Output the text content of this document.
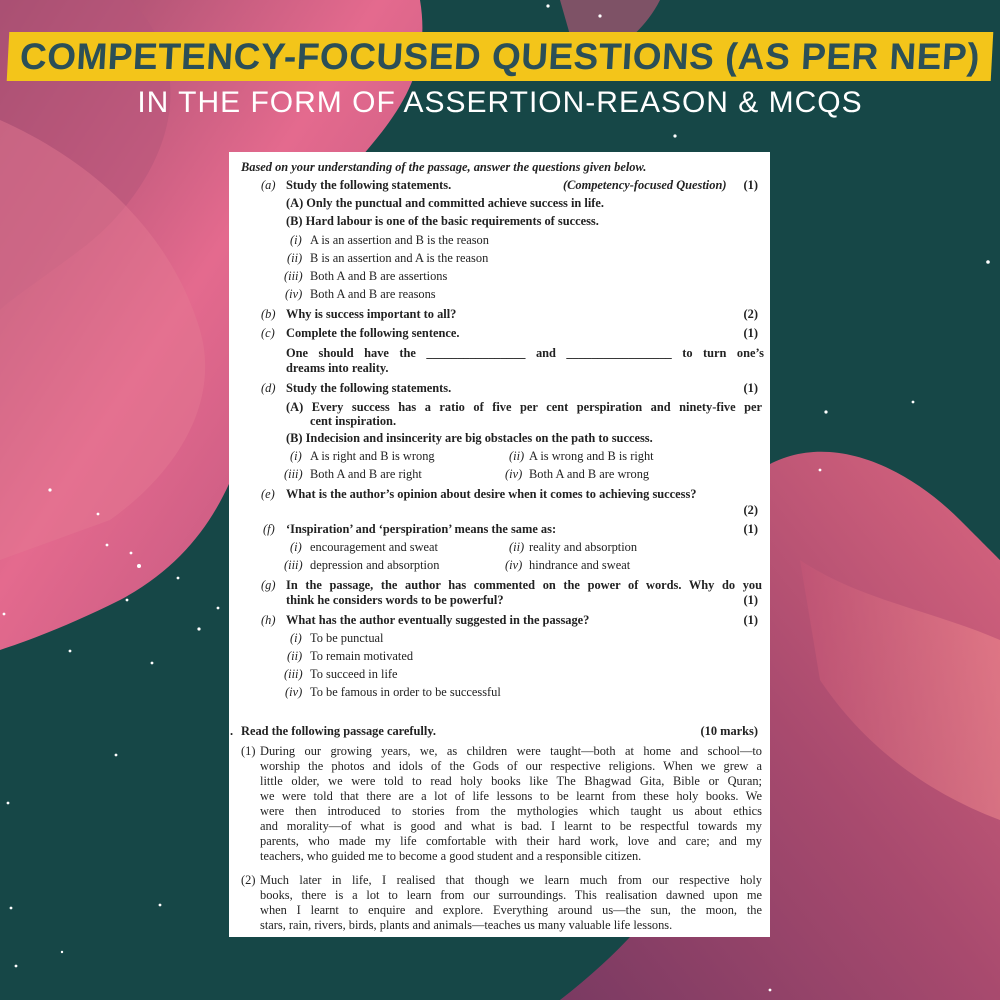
COMPETENCY-FOCUSED QUESTIONS (AS PER NEP)
IN THE FORM OF ASSERTION-REASON & MCQS
Based on your understanding of the passage, answer the questions given below.
(a) Study the following statements.	(Competency-focused Question) (1)
(A) Only the punctual and committed achieve success in life.
(B) Hard labour is one of the basic requirements of success.
(i) A is an assertion and B is the reason
(ii) B is an assertion and A is the reason
(iii) Both A and B are assertions
(iv) Both A and B are reasons
(b) Why is success important to all?	(2)
(c) Complete the following sentence.	(1)
One should have the ________________ and _________________ to turn one’s
dreams into reality.
(d) Study the following statements.	(1)
(A) Every success has a ratio of five per cent perspiration and ninety-five per
cent inspiration.
(B) Indecision and insincerity are big obstacles on the path to success.
(i) A is right and B is wrong	(ii) A is wrong and B is right
(iii) Both A and B are right	(iv) Both A and B are wrong
(e) What is the author’s opinion about desire when it comes to achieving success?
(2)
(f) ‘Inspiration’ and ‘perspiration’ means the same as:	(1)
(i) encouragement and sweat	(ii) reality and absorption
(iii) depression and absorption	(iv) hindrance and sweat
(g) In the passage, the author has commented on the power of words. Why do you
think he considers words to be powerful?	(1)
(h) What has the author eventually suggested in the passage?	(1)
(i) To be punctual
(ii) To remain motivated
(iii) To succeed in life
(iv) To be famous in order to be successful
. Read the following passage carefully.	(10 marks)
(1) During our growing years, we, as children were taught—both at home and school—to
worship the photos and idols of the Gods of our respective religions. When we grew a
little older, we were told to read holy books like The Bhagwad Gita, Bible or Quran;
we were told that there are a lot of life lessons to be learnt from these holy books. We
were then introduced to stories from the mythologies which taught us about ethics
and morality—of what is good and what is bad. I learnt to be respectful towards my
parents, who made my life comfortable with their hard work, love and care; and my
teachers, who guided me to become a good student and a responsible citizen.
(2) Much later in life, I realised that though we learn much from our respective holy
books, there is a lot to learn from our surroundings. This realisation dawned upon me
when I learnt to enquire and explore. Everything around us—the sun, the moon, the
stars, rain, rivers, birds, plants and animals—teaches us many valuable life lessons.
